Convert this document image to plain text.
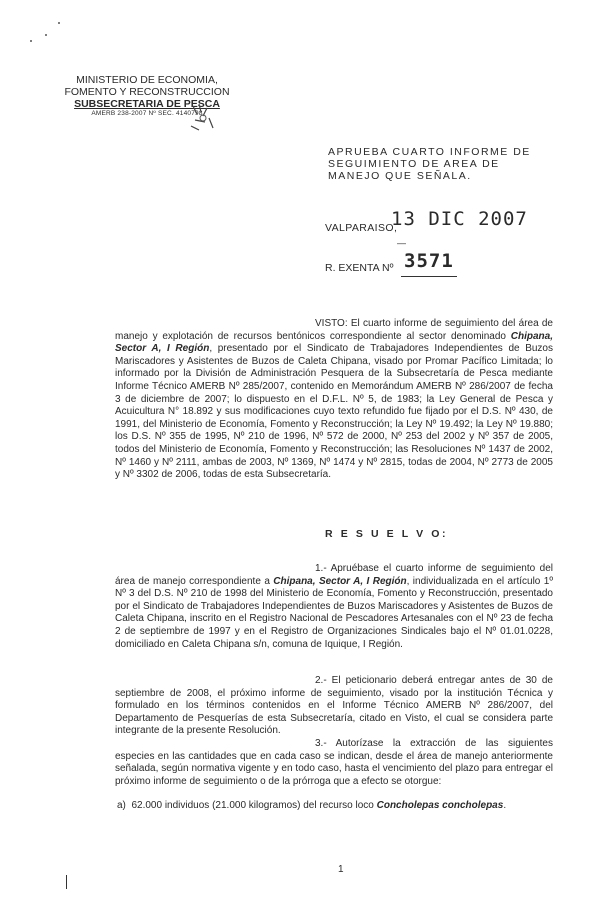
MINISTERIO DE ECONOMIA,
FOMENTO Y RECONSTRUCCION
SUBSECRETARIA DE PESCA
AMERB 238-2007 Nº SEC. 4140798
APRUEBA CUARTO INFORME DE SEGUIMIENTO DE AREA DE MANEJO QUE SEÑALA.
VALPARAISO,
13 DIC 2007
—
R. EXENTA Nº 3571
VISTO: El cuarto informe de seguimiento del área de manejo y explotación de recursos bentónicos correspondiente al sector denominado Chipana, Sector A, I Región, presentado por el Sindicato de Trabajadores Independientes de Buzos Mariscadores y Asistentes de Buzos de Caleta Chipana, visado por Promar Pacífico Limitada; lo informado por la División de Administración Pesquera de la Subsecretaría de Pesca mediante Informe Técnico AMERB Nº 285/2007, contenido en Memorándum AMERB Nº 286/2007 de fecha 3 de diciembre de 2007; lo dispuesto en el D.F.L. Nº 5, de 1983; la Ley General de Pesca y Acuicultura N° 18.892 y sus modificaciones cuyo texto refundido fue fijado por el D.S. Nº 430, de 1991, del Ministerio de Economía, Fomento y Reconstrucción; la Ley Nº 19.492; la Ley Nº 19.880; los D.S. Nº 355 de 1995, Nº 210 de 1996, Nº 572 de 2000, Nº 253 del 2002 y Nº 357 de 2005, todos del Ministerio de Economía, Fomento y Reconstrucción; las Resoluciones Nº 1437 de 2002, Nº 1460 y Nº 2111, ambas de 2003, Nº 1369, Nº 1474 y Nº 2815, todas de 2004, Nº 2773 de 2005 y Nº 3302 de 2006, todas de esta Subsecretaría.
R E S U E L V O:
1.- Apruébase el cuarto informe de seguimiento del área de manejo correspondiente a Chipana, Sector A, I Región, individualizada en el artículo 1º Nº 3 del D.S. Nº 210 de 1998 del Ministerio de Economía, Fomento y Reconstrucción, presentado por el Sindicato de Trabajadores Independientes de Buzos Mariscadores y Asistentes de Buzos de Caleta Chipana, inscrito en el Registro Nacional de Pescadores Artesanales con el Nº 23 de fecha 2 de septiembre de 1997 y en el Registro de Organizaciones Sindicales bajo el Nº 01.01.0228, domiciliado en Caleta Chipana s/n, comuna de Iquique, I Región.
2.- El peticionario deberá entregar antes de 30 de septiembre de 2008, el próximo informe de seguimiento, visado por la institución Técnica y formulado en los términos contenidos en el Informe Técnico AMERB Nº 286/2007, del Departamento de Pesquerías de esta Subsecretaría, citado en Visto, el cual se considera parte integrante de la presente Resolución.
3.- Autorízase la extracción de las siguientes especies en las cantidades que en cada caso se indican, desde el área de manejo anteriormente señalada, según normativa vigente y en todo caso, hasta el vencimiento del plazo para entregar el próximo informe de seguimiento o de la prórroga que a efecto se otorgue:
a) 62.000 individuos (21.000 kilogramos) del recurso loco Concholepas concholepas.
1
